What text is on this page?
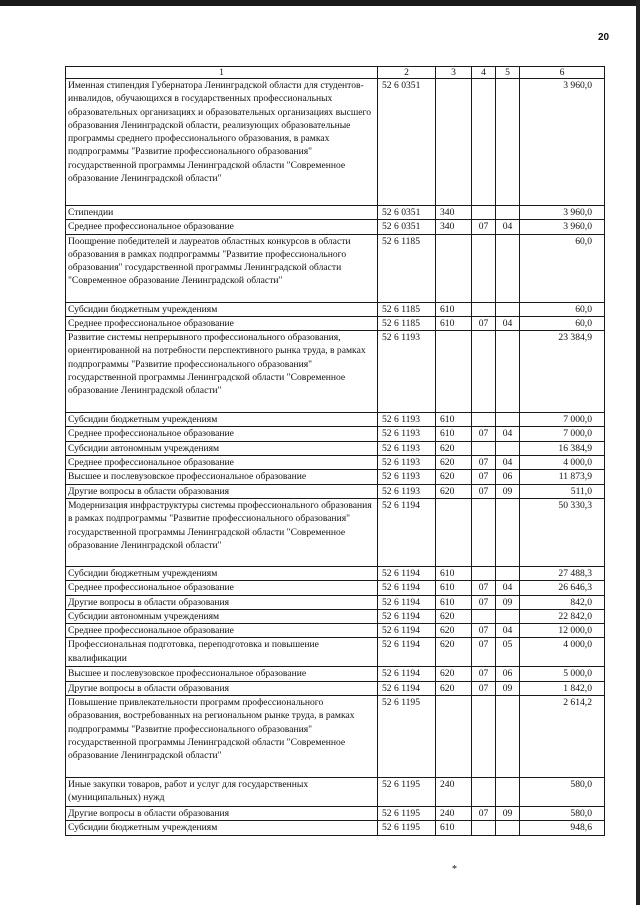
20
1	2	3	4	5	6
Именная стипендия Губернатора Ленинградской области для студентов-инвалидов, обучающихся в государственных профессиональных образовательных организациях и образовательных организациях высшего образования Ленинградской области, реализующих образовательные программы среднего профессионального образования, в рамках подпрограммы "Развитие профессионального образования" государственной программы Ленинградской области "Современное образование Ленинградской области"	52 6 0351				3 960,0
Стипендии	52 6 0351	340			3 960,0
Среднее профессиональное образование	52 6 0351	340	07	04	3 960,0
Поощрение победителей и лауреатов областных конкурсов в области образования в рамках подпрограммы "Развитие профессионального образования" государственной программы Ленинградской области "Современное образование Ленинградской области"	52 6 1185				60,0
Субсидии бюджетным учреждениям	52 6 1185	610			60,0
Среднее профессиональное образование	52 6 1185	610	07	04	60,0
Развитие системы непрерывного профессионального образования, ориентированной на потребности перспективного рынка труда, в рамках подпрограммы "Развитие профессионального образования" государственной программы Ленинградской области "Современное образование Ленинградской области"	52 6 1193				23 384,9
Субсидии бюджетным учреждениям	52 6 1193	610			7 000,0
Среднее профессиональное образование	52 6 1193	610	07	04	7 000,0
Субсидии автономным учреждениям	52 6 1193	620			16 384,9
Среднее профессиональное образование	52 6 1193	620	07	04	4 000,0
Высшее и послевузовское профессиональное образование	52 6 1193	620	07	06	11 873,9
Другие вопросы в области образования	52 6 1193	620	07	09	511,0
Модернизация инфраструктуры системы профессионального образования в рамках подпрограммы "Развитие профессионального образования" государственной программы Ленинградской области "Современное образование Ленинградской области"	52 6 1194				50 330,3
Субсидии бюджетным учреждениям	52 6 1194	610			27 488,3
Среднее профессиональное образование	52 6 1194	610	07	04	26 646,3
Другие вопросы в области образования	52 6 1194	610	07	09	842,0
Субсидии автономным учреждениям	52 6 1194	620			22 842,0
Среднее профессиональное образование	52 6 1194	620	07	04	12 000,0
Профессиональная подготовка, переподготовка и повышение квалификации	52 6 1194	620	07	05	4 000,0
Высшее и послевузовское профессиональное образование	52 6 1194	620	07	06	5 000,0
Другие вопросы в области образования	52 6 1194	620	07	09	1 842,0
Повышение привлекательности программ профессионального образования, востребованных на региональном рынке труда, в рамках подпрограммы "Развитие профессионального образования" государственной программы Ленинградской области "Современное образование Ленинградской области"	52 6 1195				2 614,2
Иные закупки товаров, работ и услуг для государственных (муниципальных) нужд	52 6 1195	240			580,0
Другие вопросы в области образования	52 6 1195	240	07	09	580,0
Субсидии бюджетным учреждениям	52 6 1195	610			948,6
*
